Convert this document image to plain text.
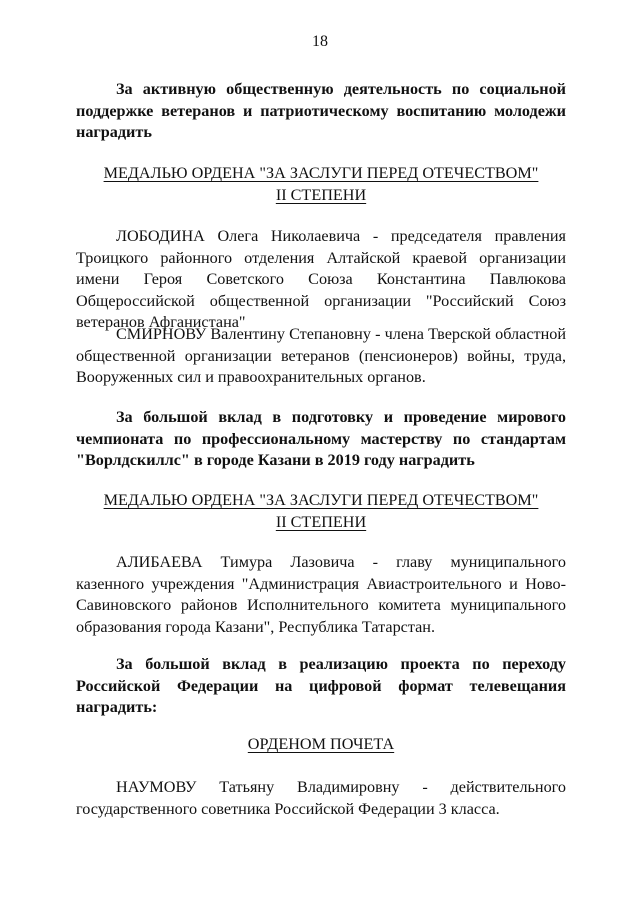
18

За активную общественную деятельность по социальной поддержке ветеранов и патриотическому воспитанию молодежи наградить

МЕДАЛЬЮ ОРДЕНА "ЗА ЗАСЛУГИ ПЕРЕД ОТЕЧЕСТВОМ"
II СТЕПЕНИ

ЛОБОДИНА Олега Николаевича - председателя правления Троицкого районного отделения Алтайской краевой организации имени Героя Советского Союза Константина Павлюкова Общероссийской общественной организации "Российский Союз ветеранов Афганистана"

СМИРНОВУ Валентину Степановну - члена Тверской областной общественной организации ветеранов (пенсионеров) войны, труда, Вооруженных сил и правоохранительных органов.

За большой вклад в подготовку и проведение мирового чемпионата по профессиональному мастерству по стандартам "Ворлдскиллс" в городе Казани в 2019 году наградить

МЕДАЛЬЮ ОРДЕНА "ЗА ЗАСЛУГИ ПЕРЕД ОТЕЧЕСТВОМ"
II СТЕПЕНИ

АЛИБАЕВА Тимура Лазовича - главу муниципального казенного учреждения "Администрация Авиастроительного и Ново-Савиновского районов Исполнительного комитета муниципального образования города Казани", Республика Татарстан.

За большой вклад в реализацию проекта по переходу Российской Федерации на цифровой формат телевещания наградить:

ОРДЕНОМ ПОЧЕТА

НАУМОВУ Татьяну Владимировну - действительного государственного советника Российской Федерации 3 класса.
